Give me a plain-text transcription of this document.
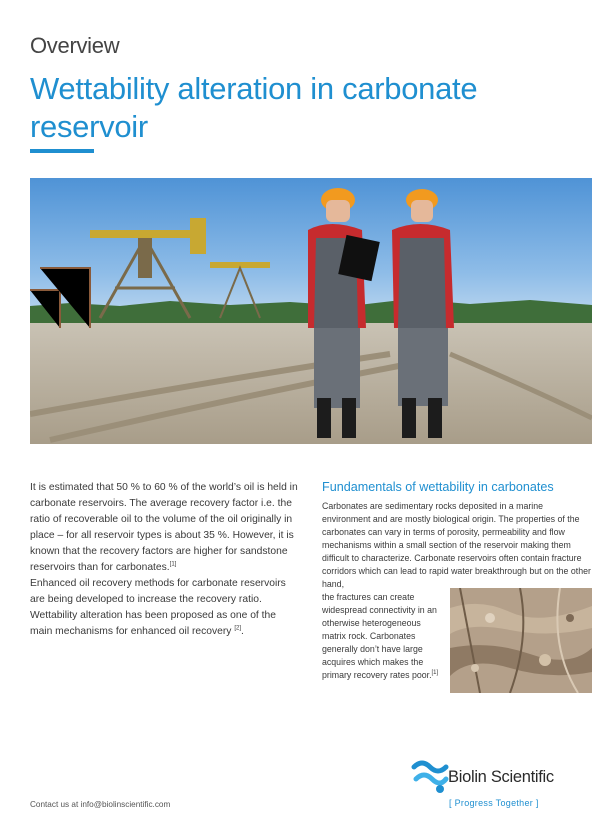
Overview
Wettability alteration in carbonate reservoir

It is estimated that 50 % to 60 % of the world’s oil is held in carbonate reservoirs. The average recovery factor i.e. the ratio of recoverable oil to the volume of the oil originally in place – for all reservoir types is about 35 %. However, it is known that the recovery factors are higher for sandstone reservoirs than for carbonates.[1]

Enhanced oil recovery methods for carbonate reservoirs are being developed to increase the recovery ratio. Wettability alteration has been proposed as one of the main mechanisms for enhanced oil recovery [2].

Fundamentals of wettability in carbonates

Carbonates are sedimentary rocks deposited in a marine environment and are mostly biological origin. The properties of the carbonates can vary in terms of porosity, permeability and flow mechanisms within a small section of the reservoir making them difficult to characterize. Carbonate reservoirs often contain fracture corridors which can lead to rapid water breakthrough but on the other hand,

the fractures can create widespread connectivity in an otherwise heterogeneous matrix rock. Carbonates generally don’t have large acquires which makes the primary recovery rates poor.[1]

Contact us at info@biolinscientific.com
Biolin Scientific
[ Progress Together ]
